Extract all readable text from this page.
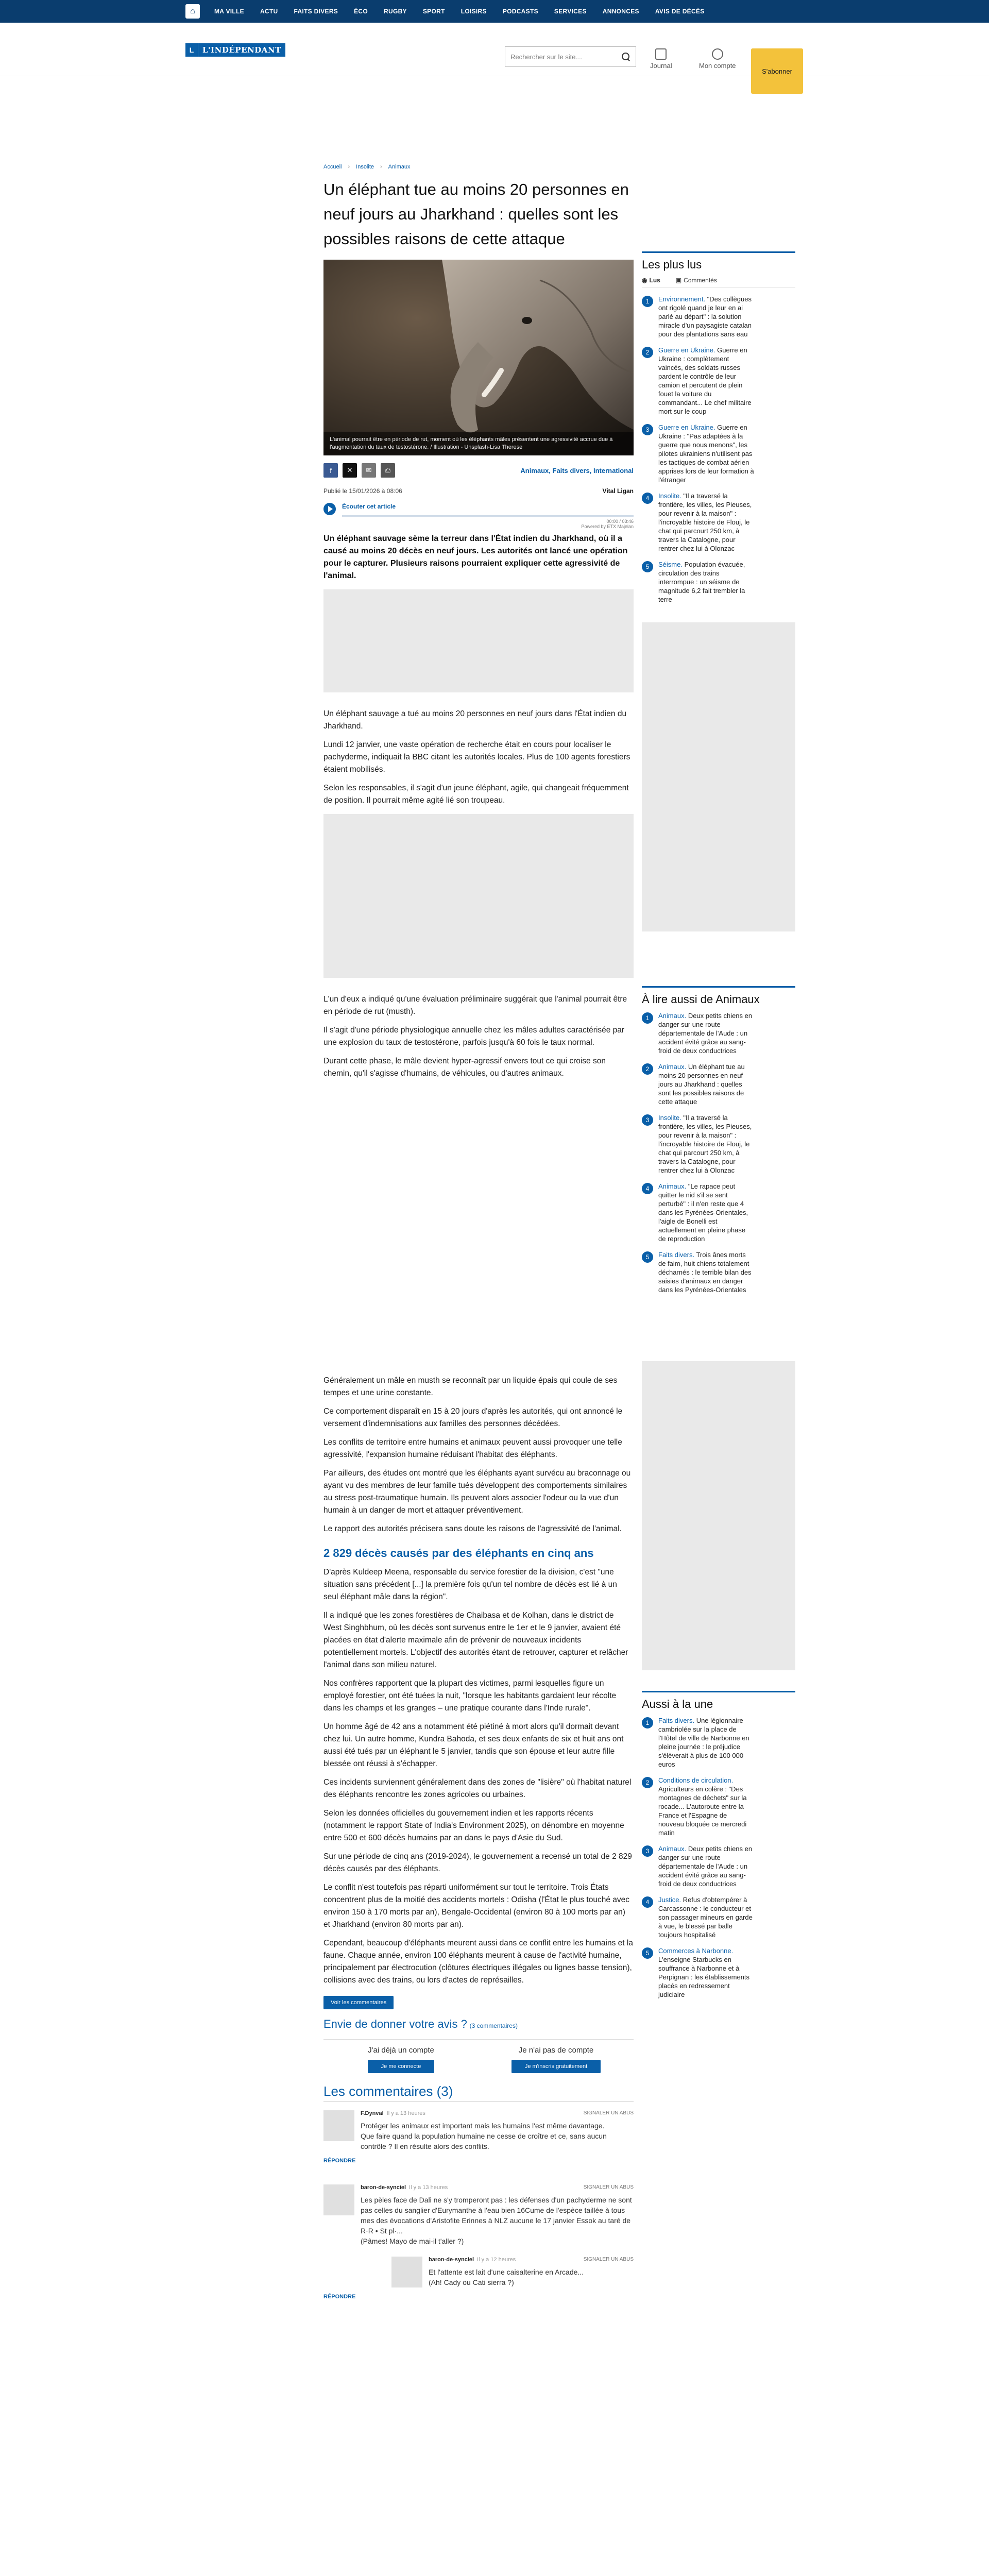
⌂	MA VILLE	ACTU	FAITS DIVERS	ÉCO	RUGBY	SPORT	LOISIRS	PODCASTS	SERVICES	ANNONCES	AVIS DE DÉCÈS
L	L'INDÉPENDANT
Rechercher sur le site…
Journal	Mon compte
S'abonner
Accueil › Insolite › Animaux
Un éléphant tue au moins 20 personnes en neuf jours au Jharkhand : quelles sont les possibles raisons de cette attaque
L'animal pourrait être en période de rut, moment où les éléphants mâles présentent une agressivité accrue due à l'augmentation du taux de testostérone. / Illustration - Unsplash-Lisa Therese
f	✕	✉	⎙	Animaux, Faits divers, International
Publié le 15/01/2026 à 08:06	Vital Ligan
Écouter cet article
00:00 / 03:46
Powered by ETX Majelan

Un éléphant sauvage sème la terreur dans l'État indien du Jharkhand, où il a causé au moins 20 décès en neuf jours. Les autorités ont lancé une opération pour le capturer. Plusieurs raisons pourraient expliquer cette agressivité de l'animal.

Un éléphant sauvage a tué au moins 20 personnes en neuf jours dans l'État indien du Jharkhand.

Lundi 12 janvier, une vaste opération de recherche était en cours pour localiser le pachyderme, indiquait la BBC citant les autorités locales. Plus de 100 agents forestiers étaient mobilisés.

Selon les responsables, il s'agit d'un jeune éléphant, agile, qui changeait fréquemment de position. Il pourrait même agité lié son troupeau.

L'un d'eux a indiqué qu'une évaluation préliminaire suggérait que l'animal pourrait être en période de rut (musth).

Il s'agit d'une période physiologique annuelle chez les mâles adultes caractérisée par une explosion du taux de testostérone, parfois jusqu'à 60 fois le taux normal.

Durant cette phase, le mâle devient hyper-agressif envers tout ce qui croise son chemin, qu'il s'agisse d'humains, de véhicules, ou d'autres animaux.

Généralement un mâle en musth se reconnaît par un liquide épais qui coule de ses tempes et une urine constante.

Ce comportement disparaît en 15 à 20 jours d'après les autorités, qui ont annoncé le versement d'indemnisations aux familles des personnes décédées.

Les conflits de territoire entre humains et animaux peuvent aussi provoquer une telle agressivité, l'expansion humaine réduisant l'habitat des éléphants.

Par ailleurs, des études ont montré que les éléphants ayant survécu au braconnage ou ayant vu des membres de leur famille tués développent des comportements similaires au stress post-traumatique humain. Ils peuvent alors associer l'odeur ou la vue d'un humain à un danger de mort et attaquer préventivement.

Le rapport des autorités précisera sans doute les raisons de l'agressivité de l'animal.

2 829 décès causés par des éléphants en cinq ans

D'après Kuldeep Meena, responsable du service forestier de la division, c'est "une situation sans précédent [...] la première fois qu'un tel nombre de décès est lié à un seul éléphant mâle dans la région".

Il a indiqué que les zones forestières de Chaibasa et de Kolhan, dans le district de West Singhbhum, où les décès sont survenus entre le 1er et le 9 janvier, avaient été placées en état d'alerte maximale afin de prévenir de nouveaux incidents potentiellement mortels. L'objectif des autorités étant de retrouver, capturer et relâcher l'animal dans son milieu naturel.

Nos confrères rapportent que la plupart des victimes, parmi lesquelles figure un employé forestier, ont été tuées la nuit, "lorsque les habitants gardaient leur récolte dans les champs et les granges – une pratique courante dans l'Inde rurale".

Un homme âgé de 42 ans a notamment été piétiné à mort alors qu'il dormait devant chez lui. Un autre homme, Kundra Bahoda, et ses deux enfants de six et huit ans ont aussi été tués par un éléphant le 5 janvier, tandis que son épouse et leur autre fille blessée ont réussi à s'échapper.

Ces incidents surviennent généralement dans des zones de "lisière" où l'habitat naturel des éléphants rencontre les zones agricoles ou urbaines.

Selon les données officielles du gouvernement indien et les rapports récents (notamment le rapport State of India's Environment 2025), on dénombre en moyenne entre 500 et 600 décès humains par an dans le pays d'Asie du Sud.

Sur une période de cinq ans (2019-2024), le gouvernement a recensé un total de 2 829 décès causés par des éléphants.

Le conflit n'est toutefois pas réparti uniformément sur tout le territoire. Trois États concentrent plus de la moitié des accidents mortels : Odisha (l'État le plus touché avec environ 150 à 170 morts par an), Bengale-Occidental (environ 80 à 100 morts par an) et Jharkhand (environ 80 morts par an).

Cependant, beaucoup d'éléphants meurent aussi dans ce conflit entre les humains et la faune. Chaque année, environ 100 éléphants meurent à cause de l'activité humaine, principalement par électrocution (clôtures électriques illégales ou lignes basse tension), collisions avec des trains, ou lors d'actes de représailles.

Voir les commentaires
Envie de donner votre avis ? (3 commentaires)
J'ai déjà un compte
Je me connecte
Je n'ai pas de compte
Je m'inscris gratuitement
Les commentaires (3)
F.Dynval Il y a 13 heures	SIGNALER UN ABUS
Protéger les animaux est important mais les humains l'est même davantage.
Que faire quand la population humaine ne cesse de croître et ce, sans aucun contrôle ? Il en résulte alors des conflits.
RÉPONDRE
baron-de-synciel Il y a 13 heures	SIGNALER UN ABUS
Les pèles face de Dali ne s'y tromperont pas : les défenses d'un pachyderme ne sont pas celles du sanglier d'Eurymanthe à l'eau bien 16Cume de l'espèce taillée à tous mes des évocations d'Aristofite Erinnes à NLZ aucune le 17 janvier Essok au taré de R·R • St pl·...
(Pâmes! Mayo de mai-il t'aller ?)
baron-de-synciel Il y a 12 heures	SIGNALER UN ABUS
Et l'attente est lait d'une caisalterine en Arcade...
(Ah! Cady ou Cati sierra ?)
RÉPONDRE
Les plus lus
◉ Lus	▣ Commentés
1	Environnement. "Des collègues ont rigolé quand je leur en ai parlé au départ" : la solution miracle d'un paysagiste catalan pour des plantations sans eau
2	Guerre en Ukraine. Guerre en Ukraine : complètement vaincés, des soldats russes pardent le contrôle de leur camion et percutent de plein fouet la voiture du commandant... Le chef militaire mort sur le coup
3	Guerre en Ukraine. Guerre en Ukraine : "Pas adaptées à la guerre que nous menons", les pilotes ukrainiens n'utilisent pas les tactiques de combat aérien apprises lors de leur formation à l'étranger
4	Insolite. "Il a traversé la frontière, les villes, les Pieuses, pour revenir à la maison" : l'incroyable histoire de Flouj, le chat qui parcourt 250 km, à travers la Catalogne, pour rentrer chez lui à Olonzac
5	Séisme. Population évacuée, circulation des trains interrompue : un séisme de magnitude 6,2 fait trembler la terre
À lire aussi de Animaux
1	Animaux. Deux petits chiens en danger sur une route départementale de l'Aude : un accident évité grâce au sang-froid de deux conductrices
2	Animaux. Un éléphant tue au moins 20 personnes en neuf jours au Jharkhand : quelles sont les possibles raisons de cette attaque
3	Insolite. "Il a traversé la frontière, les villes, les Pieuses, pour revenir à la maison" : l'incroyable histoire de Flouj, le chat qui parcourt 250 km, à travers la Catalogne, pour rentrer chez lui à Olonzac
4	Animaux. "Le rapace peut quitter le nid s'il se sent perturbé" : il n'en reste que 4 dans les Pyrénées-Orientales, l'aigle de Bonelli est actuellement en pleine phase de reproduction
5	Faits divers. Trois ânes morts de faim, huit chiens totalement décharnés : le terrible bilan des saisies d'animaux en danger dans les Pyrénées-Orientales
Aussi à la une
1	Faits divers. Une légionnaire cambriolée sur la place de l'Hôtel de ville de Narbonne en pleine journée : le préjudice s'élèverait à plus de 100 000 euros
2	Conditions de circulation. Agriculteurs en colère : "Des montagnes de déchets" sur la rocade... L'autoroute entre la France et l'Espagne de nouveau bloquée ce mercredi matin
3	Animaux. Deux petits chiens en danger sur une route départementale de l'Aude : un accident évité grâce au sang-froid de deux conductrices
4	Justice. Refus d'obtempérer à Carcassonne : le conducteur et son passager mineurs en garde à vue, le blessé par balle toujours hospitalisé
5	Commerces à Narbonne. L'enseigne Starbucks en souffrance à Narbonne et à Perpignan : les établissements placés en redressement judiciaire
